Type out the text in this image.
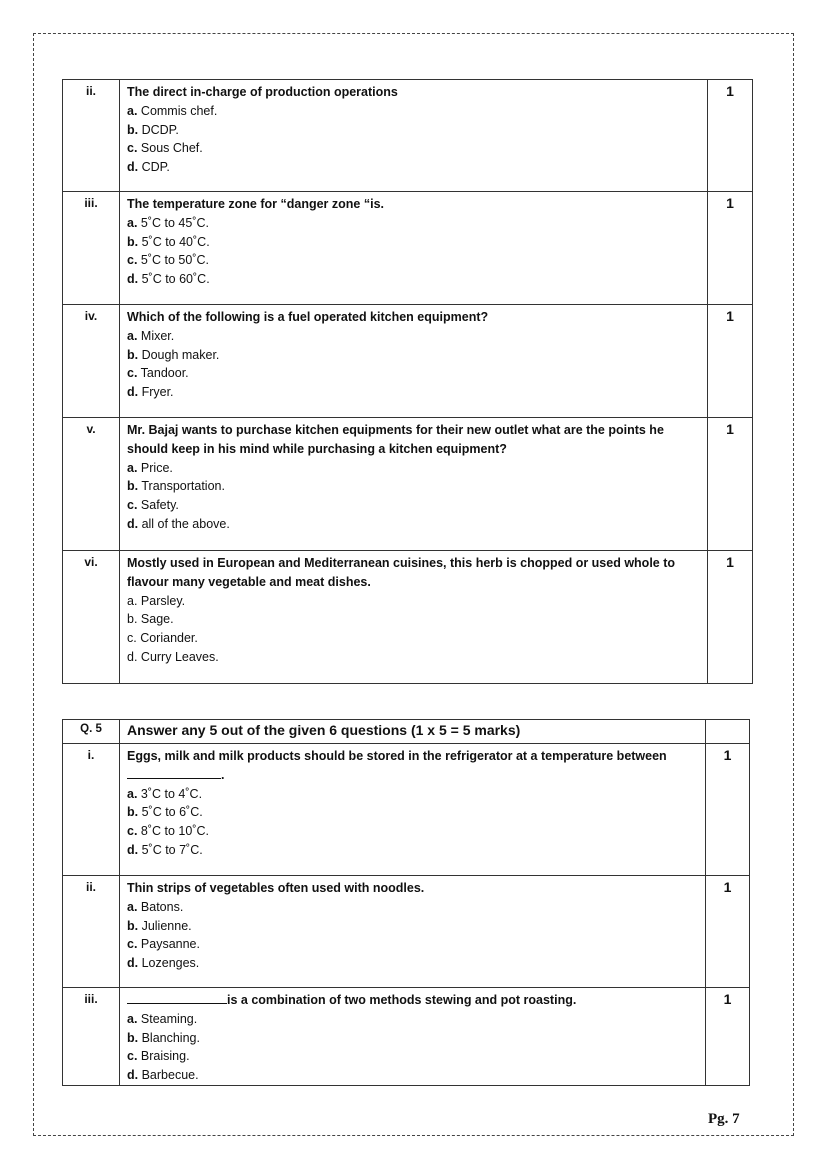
ii.	The direct in-charge of production operations
a. Commis chef.
b. DCDP.
c. Sous Chef.
d. CDP.	1
iii.	The temperature zone for “danger zone “is.
a. 5˚C to 45˚C.
b. 5˚C to 40˚C.
c. 5˚C to 50˚C.
d. 5˚C to 60˚C.	1
iv.	Which of the following is a fuel operated kitchen equipment?
a. Mixer.
b. Dough maker.
c. Tandoor.
d. Fryer.	1
v.	Mr. Bajaj wants to purchase kitchen equipments for their new outlet what are the points he should keep in his mind while purchasing a kitchen equipment?
a. Price.
b. Transportation.
c. Safety.
d. all of the above.	1
vi.	Mostly used in European and Mediterranean cuisines, this herb is chopped or used whole to flavour many vegetable and meat dishes.
a. Parsley.
b. Sage.
c. Coriander.
d. Curry Leaves.	1
Q. 5	Answer any 5 out of the given 6 questions (1 x 5 = 5 marks)	
i.	Eggs, milk and milk products should be stored in the refrigerator at a temperature between.
a. 3˚C to 4˚C.
b. 5˚C to 6˚C.
c. 8˚C to 10˚C.
d. 5˚C to 7˚C.	1
ii.	Thin strips of vegetables often used with noodles.
a. Batons.
b. Julienne.
c. Paysanne.
d. Lozenges.	1
iii.	is a combination of two methods stewing and pot roasting.
a. Steaming.
b. Blanching.
c. Braising.
d. Barbecue.	1
Pg. 7
